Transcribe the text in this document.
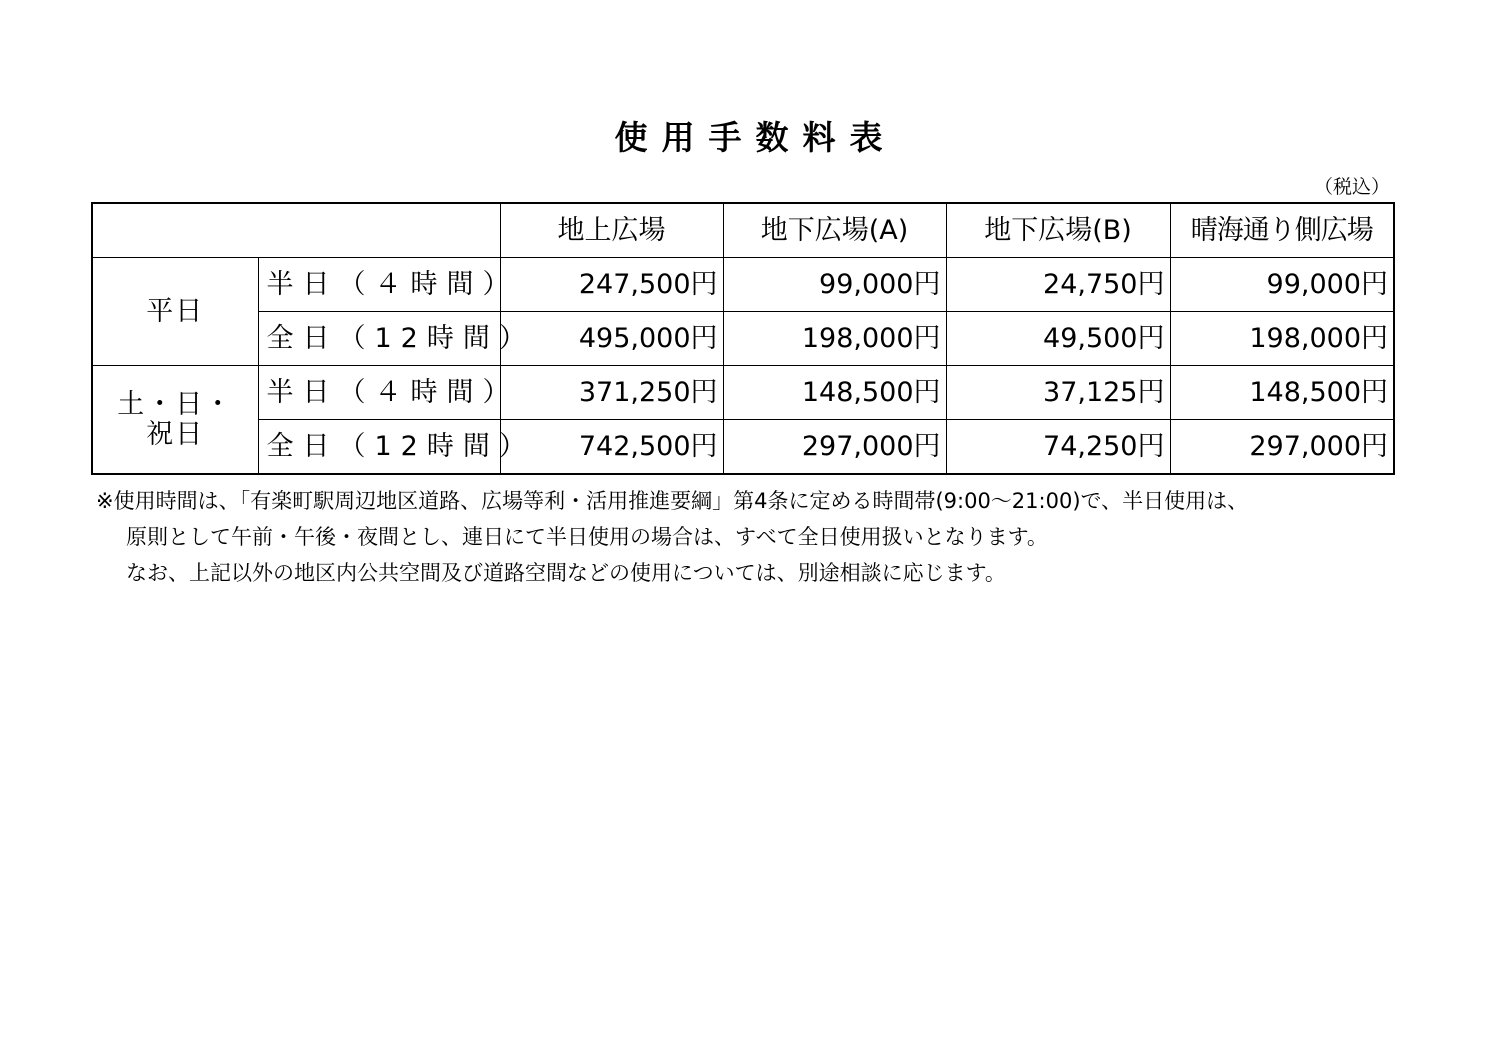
使用手数料表
（税込）
		地上広場	地下広場(A)	地下広場(B)	晴海通り側広場
平日	半日（４時間）	247,500円	99,000円	24,750円	99,000円
	全日（12時間）	495,000円	198,000円	49,500円	198,000円
土・日・
祝日	半日（４時間）	371,250円	148,500円	37,125円	148,500円
	全日（12時間）	742,500円	297,000円	74,250円	297,000円

※使用時間は、「有楽町駅周辺地区道路、広場等利・活用推進要綱」第4条に定める時間帯(9:00〜21:00)で、半日使用は、

原則として午前・午後・夜間とし、連日にて半日使用の場合は、すべて全日使用扱いとなります。

なお、上記以外の地区内公共空間及び道路空間などの使用については、別途相談に応じます。
